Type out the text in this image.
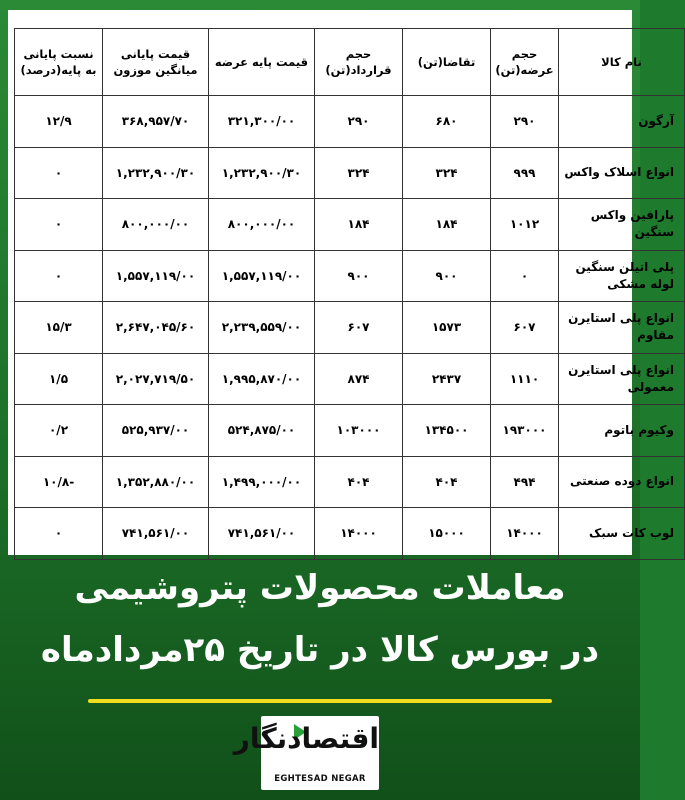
نام کالا	حجم عرضه(تن)	تقاضا(تن)	حجم قرارداد(تن)	قیمت پایه عرضه	قیمت پایانی میانگین موزون	نسبت پایانی به پایه(درصد)
آرگون	۲۹۰	۶۸۰	۲۹۰	۳۲۱,۳۰۰/۰۰	۳۶۸,۹۵۷/۷۰	۱۲/۹
انواع اسلاک واکس	۹۹۹	۳۲۴	۳۲۴	۱,۲۳۲,۹۰۰/۳۰	۱,۲۳۲,۹۰۰/۳۰	۰
پارافین واکس سنگین	۱۰۱۲	۱۸۴	۱۸۴	۸۰۰,۰۰۰/۰۰	۸۰۰,۰۰۰/۰۰	۰
پلی اتیلن سنگین لوله مشکی	۰	۹۰۰	۹۰۰	۱,۵۵۷,۱۱۹/۰۰	۱,۵۵۷,۱۱۹/۰۰	۰
انواع پلی استایرن مقاوم	۶۰۷	۱۵۷۳	۶۰۷	۲,۲۳۹,۵۵۹/۰۰	۲,۶۴۷,۰۴۵/۶۰	۱۵/۳
انواع پلی استایرن معمولی	۱۱۱۰	۲۴۳۷	۸۷۴	۱,۹۹۵,۸۷۰/۰۰	۲,۰۲۷,۷۱۹/۵۰	۱/۵
وکیوم باتوم	۱۹۳۰۰۰	۱۳۴۵۰۰	۱۰۳۰۰۰	۵۲۴,۸۷۵/۰۰	۵۲۵,۹۳۷/۰۰	۰/۲
انواع دوده صنعتی	۴۹۴	۴۰۴	۴۰۴	۱,۴۹۹,۰۰۰/۰۰	۱,۳۵۲,۸۸۰/۰۰	-۱۰/۸
لوب کات سبک	۱۴۰۰۰	۱۵۰۰۰	۱۴۰۰۰	۷۴۱,۵۶۱/۰۰	۷۴۱,۵۶۱/۰۰	۰
معاملات محصولات پتروشیمی
در بورس کالا در تاریخ ۲۵مردادماه
اقتصادنگار
EGHTESAD NEGAR
